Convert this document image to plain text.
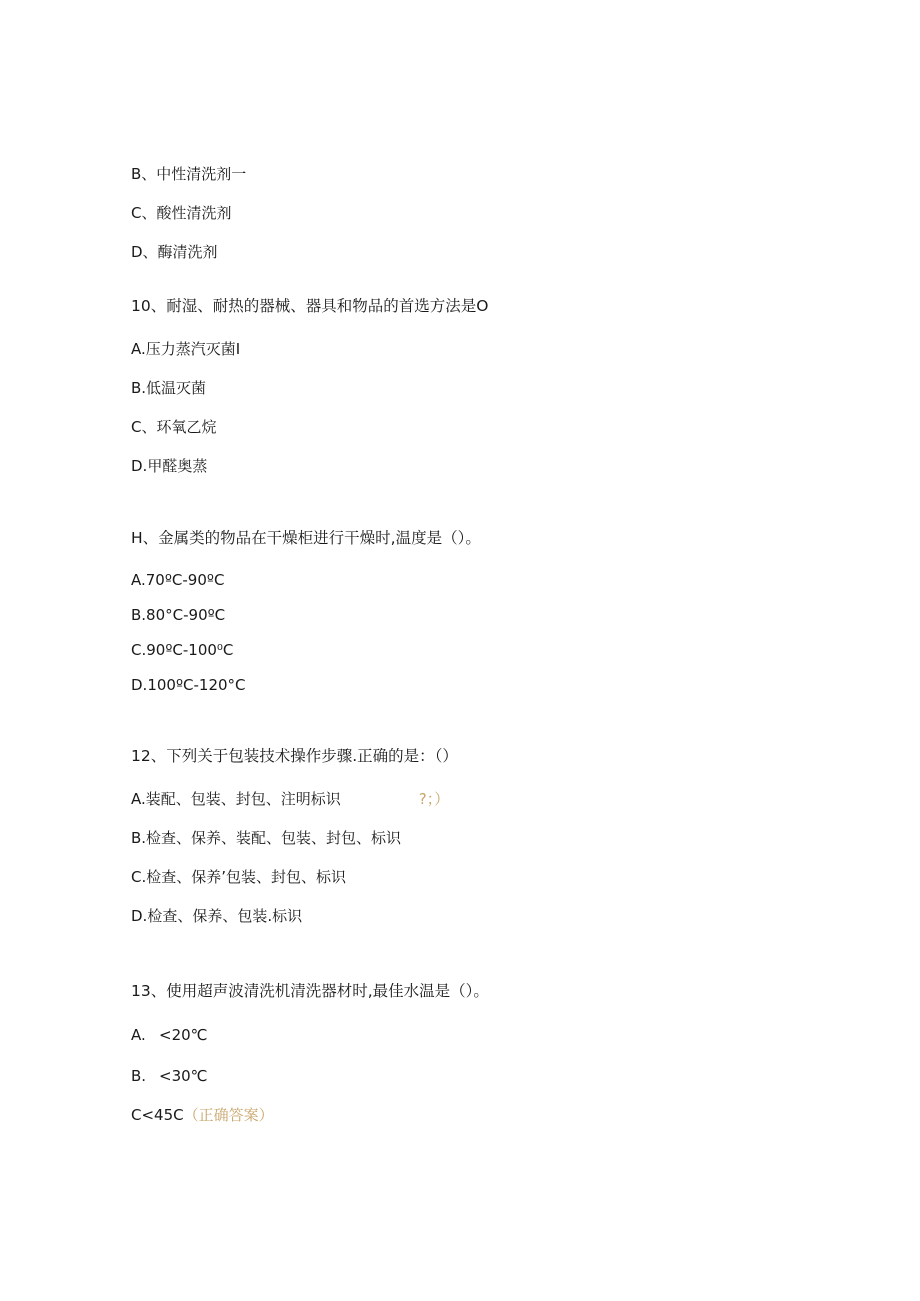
B、中性清洗剂一
C、酸性清洗剂
D、酶清洗剂
10、耐湿、耐热的器械、器具和物品的首选方法是O
A.压力蒸汽灭菌I
B.低温灭菌
C、环氧乙烷
D.甲醛奥蒸
H、金属类的物品在干燥柜进行干燥时,温度是（）。
A.70ºC-90ºC
B.80°C-90ºC
C.90ºC-100⁰C
D.100ºC-120°C
12、下列关于包装技术操作步骤.正确的是：（）
A.装配、包装、封包、注明标识	?；）
B.检查、保养、装配、包装、封包、标识
C.检查、保养’包装、封包、标识
D.检查、保养、包装.标识
13、使用超声波清洗机清洗器材时,最佳水温是（）。
A. <20℃
B. <30℃
C<45C（正确答案）
